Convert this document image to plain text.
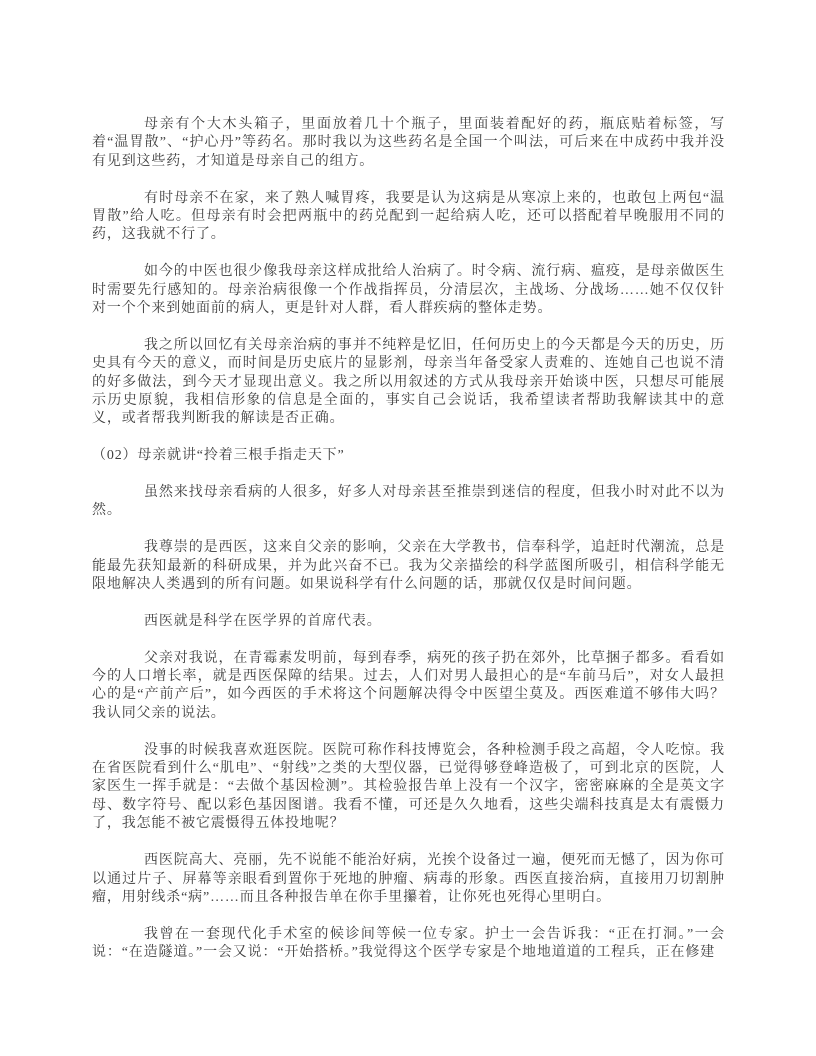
母亲有个大木头箱子，里面放着几十个瓶子，里面装着配好的药，瓶底贴着标签，写着“温胃散”、“护心丹”等药名。那时我以为这些药名是全国一个叫法，可后来在中成药中我并没有见到这些药，才知道是母亲自己的组方。

有时母亲不在家，来了熟人喊胃疼，我要是认为这病是从寒凉上来的，也敢包上两包“温胃散”给人吃。但母亲有时会把两瓶中的药兑配到一起给病人吃，还可以搭配着早晚服用不同的药，这我就不行了。

如今的中医也很少像我母亲这样成批给人治病了。时令病、流行病、瘟疫，是母亲做医生时需要先行感知的。母亲治病很像一个作战指挥员，分清层次，主战场、分战场……她不仅仅针对一个个来到她面前的病人，更是针对人群，看人群疾病的整体走势。

我之所以回忆有关母亲治病的事并不纯粹是忆旧，任何历史上的今天都是今天的历史，历史具有今天的意义，而时间是历史底片的显影剂，母亲当年备受家人责难的、连她自己也说不清的好多做法，到今天才显现出意义。我之所以用叙述的方式从我母亲开始谈中医，只想尽可能展示历史原貌，我相信形象的信息是全面的，事实自己会说话，我希望读者帮助我解读其中的意义，或者帮我判断我的解读是否正确。

（02）母亲就讲“拎着三根手指走天下”

虽然来找母亲看病的人很多，好多人对母亲甚至推崇到迷信的程度，但我小时对此不以为然。

我尊崇的是西医，这来自父亲的影响，父亲在大学教书，信奉科学，追赶时代潮流，总是能最先获知最新的科研成果，并为此兴奋不已。我为父亲描绘的科学蓝图所吸引，相信科学能无限地解决人类遇到的所有问题。如果说科学有什么问题的话，那就仅仅是时间问题。

西医就是科学在医学界的首席代表。

父亲对我说，在青霉素发明前，每到春季，病死的孩子扔在郊外，比草捆子都多。看看如今的人口增长率，就是西医保障的结果。过去，人们对男人最担心的是“车前马后”，对女人最担心的是“产前产后”，如今西医的手术将这个问题解决得令中医望尘莫及。西医难道不够伟大吗？我认同父亲的说法。

没事的时候我喜欢逛医院。医院可称作科技博览会，各种检测手段之高超，令人吃惊。我在省医院看到什么“肌电”、“射线”之类的大型仪器，已觉得够登峰造极了，可到北京的医院，人家医生一挥手就是：“去做个基因检测”。其检验报告单上没有一个汉字，密密麻麻的全是英文字母、数字符号、配以彩色基因图谱。我看不懂，可还是久久地看，这些尖端科技真是太有震慑力了，我怎能不被它震慑得五体投地呢？

西医院高大、亮丽，先不说能不能治好病，光挨个设备过一遍，便死而无憾了，因为你可以通过片子、屏幕等亲眼看到置你于死地的肿瘤、病毒的形象。西医直接治病，直接用刀切割肿瘤，用射线杀“病”……而且各种报告单在你手里攥着，让你死也死得心里明白。

我曾在一套现代化手术室的候诊间等候一位专家。护士一会告诉我：“正在打洞。”一会说：“在造隧道。”一会又说：“开始搭桥。”我觉得这个医学专家是个地地道道的工程兵，正在修建
